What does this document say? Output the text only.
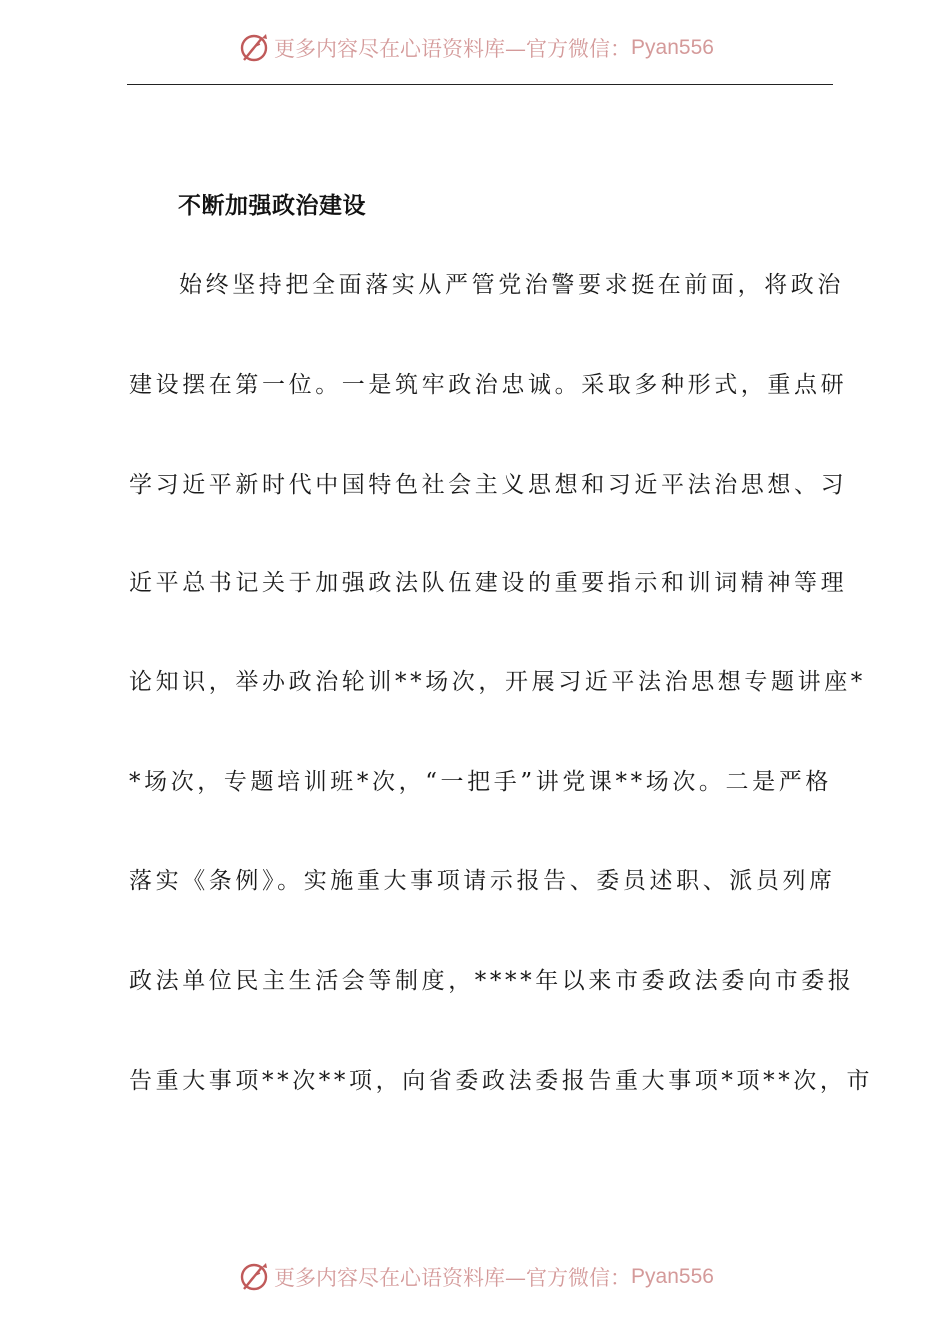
更多内容尽在心语资料库—官方微信： Pyan556
不断加强政治建设
始终坚持把全面落实从严管党治警要求挺在前面，将政治
建设摆在第一位。一是筑牢政治忠诚。采取多种形式，重点研
学习近平新时代中国特色社会主义思想和习近平法治思想、习
近平总书记关于加强政法队伍建设的重要指示和训词精神等理
论知识，举办政治轮训**场次，开展习近平法治思想专题讲座*
*场次，专题培训班*次，“一把手”讲党课**场次。二是严格
落实《条例》。实施重大事项请示报告、委员述职、派员列席
政法单位民主生活会等制度，****年以来市委政法委向市委报
告重大事项**次**项，向省委政法委报告重大事项*项**次，市
更多内容尽在心语资料库—官方微信： Pyan556
